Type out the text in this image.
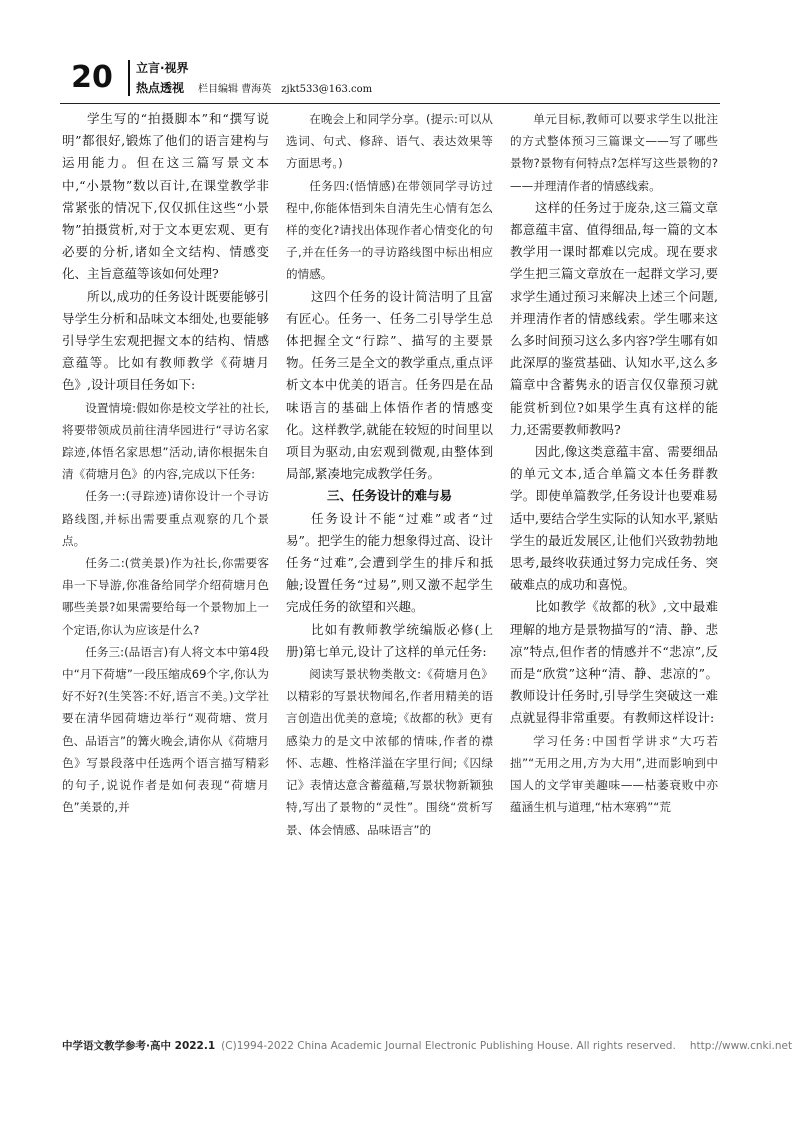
20	立言·视界
热点透视 栏目编辑 曹海英 zjkt533@163.com

学生写的“拍摄脚本”和“撰写说明”都很好,锻炼了他们的语言建构与运用能力。但在这三篇写景文本中,“小景物”数以百计,在课堂教学非常紧张的情况下,仅仅抓住这些“小景物”拍摄赏析,对于文本更宏观、更有必要的分析,诸如全文结构、情感变化、主旨意蕴等该如何处理?

所以,成功的任务设计既要能够引导学生分析和品味文本细处,也要能够引导学生宏观把握文本的结构、情感意蕴等。比如有教师教学《荷塘月色》,设计项目任务如下:

设置情境:假如你是校文学社的社长,将要带领成员前往清华园进行“寻访名家踪迹,体悟名家思想”活动,请你根据朱自清《荷塘月色》的内容,完成以下任务:

任务一:(寻踪迹)请你设计一个寻访路线图,并标出需要重点观察的几个景点。

任务二:(赏美景)作为社长,你需要客串一下导游,你准备给同学介绍荷塘月色哪些美景?如果需要给每一个景物加上一个定语,你认为应该是什么?

任务三:(品语言)有人将文本中第4段中“月下荷塘”一段压缩成69个字,你认为好不好?(生笑答:不好,语言不美。)文学社要在清华园荷塘边举行“观荷塘、赏月色、品语言”的篝火晚会,请你从《荷塘月色》写景段落中任选两个语言描写精彩的句子,说说作者是如何表现“荷塘月色”美景的,并

在晚会上和同学分享。(提示:可以从选词、句式、修辞、语气、表达效果等方面思考。)

任务四:(悟情感)在带领同学寻访过程中,你能体悟到朱自清先生心情有怎么样的变化?请找出体现作者心情变化的句子,并在任务一的寻访路线图中标出相应的情感。

这四个任务的设计简洁明了且富有匠心。任务一、任务二引导学生总体把握全文“行踪”、描写的主要景物。任务三是全文的教学重点,重点评析文本中优美的语言。任务四是在品味语言的基础上体悟作者的情感变化。这样教学,就能在较短的时间里以项目为驱动,由宏观到微观,由整体到局部,紧凑地完成教学任务。

三、任务设计的难与易

任务设计不能“过难”或者“过易”。把学生的能力想象得过高、设计任务“过难”,会遭到学生的排斥和抵触;设置任务“过易”,则又激不起学生完成任务的欲望和兴趣。

比如有教师教学统编版必修(上册)第七单元,设计了这样的单元任务:

阅读写景状物类散文:《荷塘月色》以精彩的写景状物闻名,作者用精美的语言创造出优美的意境;《故都的秋》更有感染力的是文中浓郁的情味,作者的襟怀、志趣、性格洋溢在字里行间;《囚绿记》表情达意含蓄蕴藉,写景状物新颖独特,写出了景物的“灵性”。围绕“赏析写景、体会情感、品味语言”的

单元目标,教师可以要求学生以批注的方式整体预习三篇课文——写了哪些景物?景物有何特点?怎样写这些景物的?——并理清作者的情感线索。

这样的任务过于庞杂,这三篇文章都意蕴丰富、值得细品,每一篇的文本教学用一课时都难以完成。现在要求学生把三篇文章放在一起群文学习,要求学生通过预习来解决上述三个问题,并理清作者的情感线索。学生哪来这么多时间预习这么多内容?学生哪有如此深厚的鉴赏基础、认知水平,这么多篇章中含蓄隽永的语言仅仅靠预习就能赏析到位?如果学生真有这样的能力,还需要教师教吗?

因此,像这类意蕴丰富、需要细品的单元文本,适合单篇文本任务群教学。即使单篇教学,任务设计也要难易适中,要结合学生实际的认知水平,紧贴学生的最近发展区,让他们兴致勃勃地思考,最终收获通过努力完成任务、突破难点的成功和喜悦。

比如教学《故都的秋》,文中最难理解的地方是景物描写的“清、静、悲凉”特点,但作者的情感并不“悲凉”,反而是“欣赏”这种“清、静、悲凉的”。教师设计任务时,引导学生突破这一难点就显得非常重要。有教师这样设计:

学习任务:中国哲学讲求“大巧若拙”“无用之用,方为大用”,进而影响到中国人的文学审美趣味——枯萎衰败中亦蕴涵生机与道理,“枯木寒鸦”“荒

中学语文教学参考·高中 2022.1 (C)1994-2022 China Academic Journal Electronic Publishing House. All rights reserved. http://www.cnki.net
